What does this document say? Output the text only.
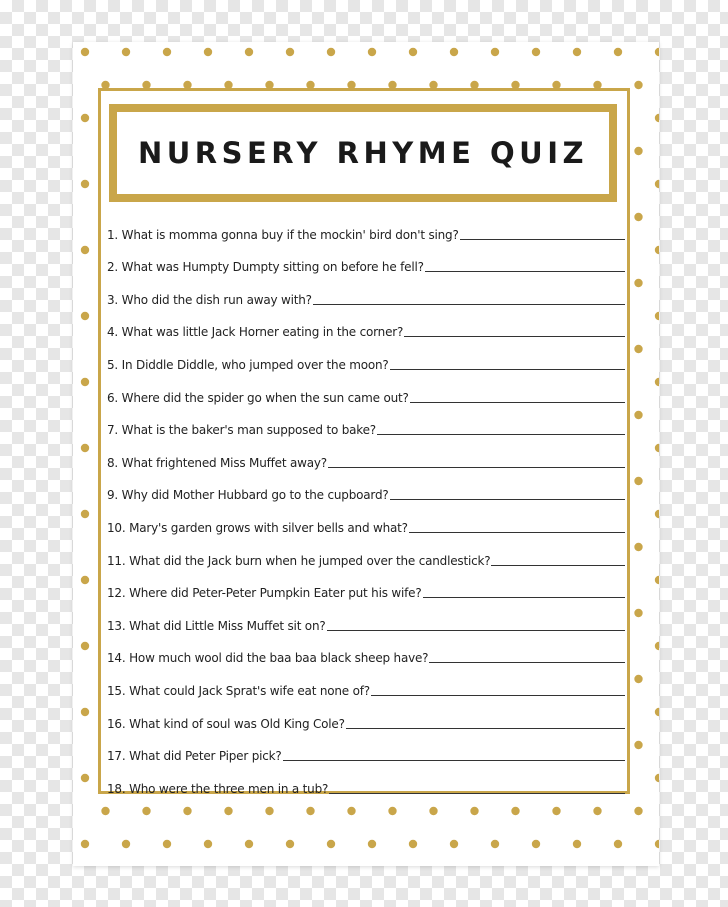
NURSERY RHYME QUIZ
1. What is momma gonna buy if the mockin' bird don't sing?
2. What was Humpty Dumpty sitting on before he fell?
3. Who did the dish run away with?
4. What was little Jack Horner eating in the corner?
5. In Diddle Diddle, who jumped over the moon?
6. Where did the spider go when the sun came out?
7. What is the baker's man supposed to bake?
8. What frightened Miss Muffet away?
9. Why did Mother Hubbard go to the cupboard?
10. Mary's garden grows with silver bells and what?
11. What did the Jack burn when he jumped over the candlestick?
12. Where did Peter-Peter Pumpkin Eater put his wife?
13. What did Little Miss Muffet sit on?
14. How much wool did the baa baa black sheep have?
15. What could Jack Sprat's wife eat none of?
16. What kind of soul was Old King Cole?
17. What did Peter Piper pick?
18. Who were the three men in a tub?
